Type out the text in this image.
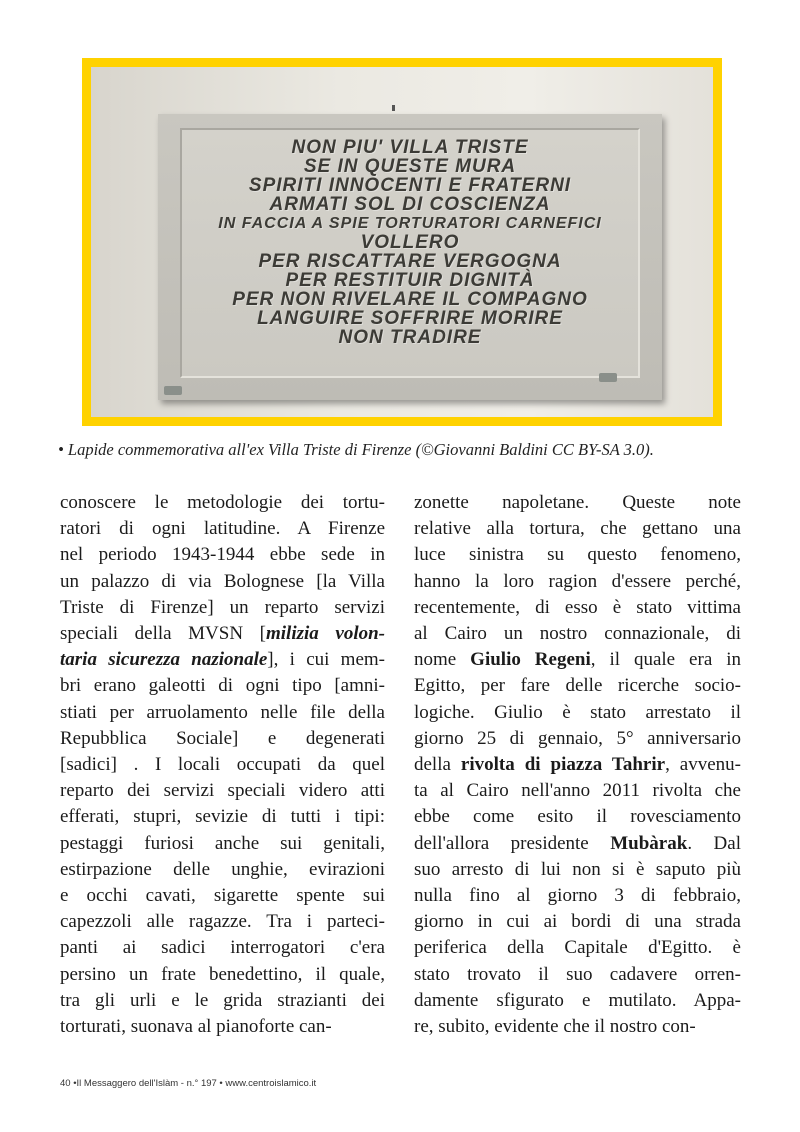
NON PIU' VILLA TRISTE
SE IN QUESTE MURA
SPIRITI INNOCENTI E FRATERNI
ARMATI SOL DI COSCIENZA
IN FACCIA A SPIE TORTURATORI CARNEFICI
VOLLERO
PER RISCATTARE VERGOGNA
PER RESTITUIR DIGNITÀ
PER NON RIVELARE IL COMPAGNO
LANGUIRE SOFFRIRE MORIRE
NON TRADIRE
• Lapide commemorativa all'ex Villa Triste di Firenze (©Giovanni Baldini CC BY-SA 3.0).
conoscere le metodologie dei tortu-
ratori di ogni latitudine. A Firenze
nel periodo 1943-1944 ebbe sede in
un palazzo di via Bolognese [la Villa
Triste di Firenze] un reparto servizi
speciali della MVSN [milizia volon-
taria sicurezza nazionale], i cui mem-
bri erano galeotti di ogni tipo [amni-
stiati per arruolamento nelle file della
Repubblica Sociale] e degenerati
[sadici] . I locali occupati da quel
reparto dei servizi speciali videro atti
efferati, stupri, sevizie di tutti i tipi:
pestaggi furiosi anche sui genitali,
estirpazione delle unghie, evirazioni
e occhi cavati, sigarette spente sui
capezzoli alle ragazze. Tra i parteci-
panti ai sadici interrogatori c'era
persino un frate benedettino, il quale,
tra gli urli e le grida strazianti dei
torturati, suonava al pianoforte can-
zonette napoletane. Queste note
relative alla tortura, che gettano una
luce sinistra su questo fenomeno,
hanno la loro ragion d'essere perché,
recentemente, di esso è stato vittima
al Cairo un nostro connazionale, di
nome Giulio Regeni, il quale era in
Egitto, per fare delle ricerche socio-
logiche. Giulio è stato arrestato il
giorno 25 di gennaio, 5° anniversario
della rivolta di piazza Tahrir, avvenu-
ta al Cairo nell'anno 2011 rivolta che
ebbe come esito il rovesciamento
dell'allora presidente Mubàrak. Dal
suo arresto di lui non si è saputo più
nulla fino al giorno 3 di febbraio,
giorno in cui ai bordi di una strada
periferica della Capitale d'Egitto. è
stato trovato il suo cadavere orren-
damente sfigurato e mutilato. Appa-
re, subito, evidente che il nostro con-
40 •Il Messaggero dell'Islàm - n.° 197 • www.centroislamico.it
